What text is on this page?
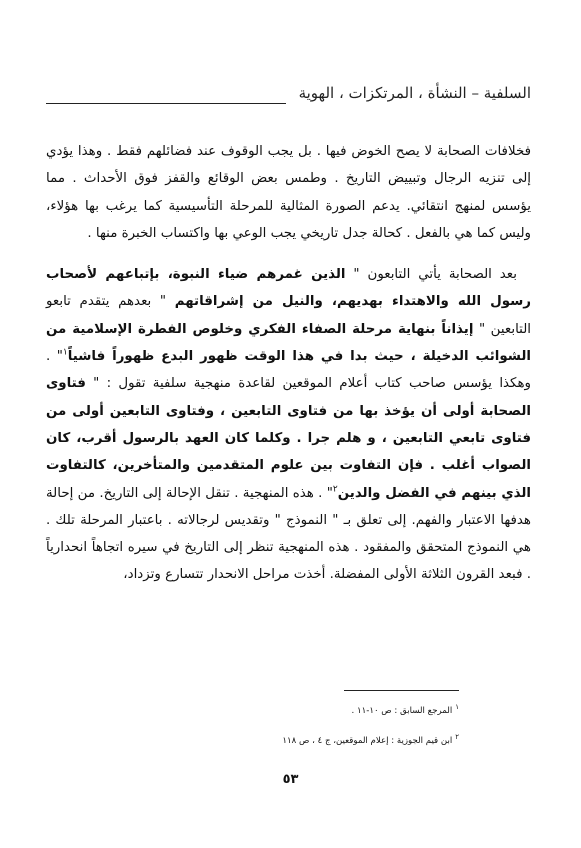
السلفية – النشأة ، المرتكزات ، الهوية

فخلافات الصحابة لا يصح الخوض فيها . بل يجب الوقوف عند فضائلهم فقط . وهذا يؤدي إلى تنزيه الرجال وتبييض التاريخ . وطمس بعض الوقائع والقفز فوق الأحداث . مما يؤسس لمنهج انتقائي. يدعم الصورة المثالية للمرحلة التأسيسية كما يرغب بها هؤلاء، وليس كما هي بالفعل . كحالة جدل تاريخي يجب الوعي بها واكتساب الخبرة منها .

بعد الصحابة يأتي التابعون " الذين غمرهم ضياء النبوة، بإتباعهم لأصحاب رسول الله والاهتداء بهديهم، والنيل من إشراقاتهم " بعدهم يتقدم تابعو التابعين " إيذاناً بنهاية مرحلة الصفاء الفكري وخلوص الفطرة الإسلامية من الشوائب الدخيلة ، حيث بدا في هذا الوقت ظهور البدع ظهوراً فاشياً$^١$" . وهكذا يؤسس صاحب كتاب أعلام الموقعين لقاعدة منهجية سلفية تقول : " فتاوى الصحابة أولى أن يؤخذ بها من فتاوى التابعين ، وفتاوى التابعين أولى من فتاوى تابعي التابعين ، و هلم جرا . وكلما كان العهد بالرسول أقرب، كان الصواب أغلب . فإن التفاوت بين علوم المتقدمين والمتأخرين، كالتفاوت الذي بينهم في الفضل والدين$^٢$" . هذه المنهجية . تنقل الإحالة إلى التاريخ. من إحالة هدفها الاعتبار والفهم. إلى تعلق بـ " النموذج " وتقديس لرجالاته . باعتبار المرحلة تلك . هي النموذج المتحقق والمفقود . هذه المنهجية تنظر إلى التاريخ في سيره اتجاهاً انحدارياً . فبعد القرون الثلاثة الأولى المفضلة. أخذت مراحل الانحدار تتسارع وتزداد،

$^١$المرجع السابق : ص ١٠-١١ .

$^٢$ابن قيم الجوزية : إعلام الموقعين، ج ٤ ، ص ١١٨

٥٣
